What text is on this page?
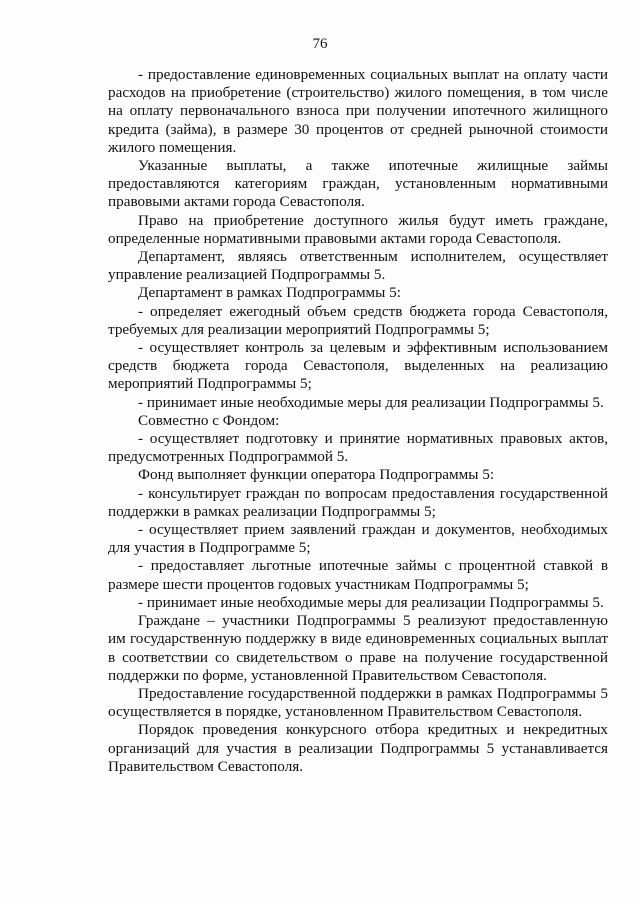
76

- предоставление единовременных социальных выплат на оплату части расходов на приобретение (строительство) жилого помещения, в том числе на оплату первоначального взноса при получении ипотечного жилищного кредита (займа), в размере 30 процентов от средней рыночной стоимости жилого помещения.

Указанные выплаты, а также ипотечные жилищные займы предоставляются категориям граждан, установленным нормативными правовыми актами города Севастополя.

Право на приобретение доступного жилья будут иметь граждане, определенные нормативными правовыми актами города Севастополя.

Департамент, являясь ответственным исполнителем, осуществляет управление реализацией Подпрограммы 5.

Департамент в рамках Подпрограммы 5:

- определяет ежегодный объем средств бюджета города Севастополя, требуемых для реализации мероприятий Подпрограммы 5;

- осуществляет контроль за целевым и эффективным использованием средств бюджета города Севастополя, выделенных на реализацию мероприятий Подпрограммы 5;

- принимает иные необходимые меры для реализации Подпрограммы 5.

Совместно с Фондом:

- осуществляет подготовку и принятие нормативных правовых актов, предусмотренных Подпрограммой 5.

Фонд выполняет функции оператора Подпрограммы 5:

- консультирует граждан по вопросам предоставления государственной поддержки в рамках реализации Подпрограммы 5;

- осуществляет прием заявлений граждан и документов, необходимых для участия в Подпрограмме 5;

- предоставляет льготные ипотечные займы с процентной ставкой в размере шести процентов годовых участникам Подпрограммы 5;

- принимает иные необходимые меры для реализации Подпрограммы 5.

Граждане – участники Подпрограммы 5 реализуют предоставленную им государственную поддержку в виде единовременных социальных выплат в соответствии со свидетельством о праве на получение государственной поддержки по форме, установленной Правительством Севастополя.

Предоставление государственной поддержки в рамках Подпрограммы 5 осуществляется в порядке, установленном Правительством Севастополя.

Порядок проведения конкурсного отбора кредитных и некредитных организаций для участия в реализации Подпрограммы 5 устанавливается Правительством Севастополя.
